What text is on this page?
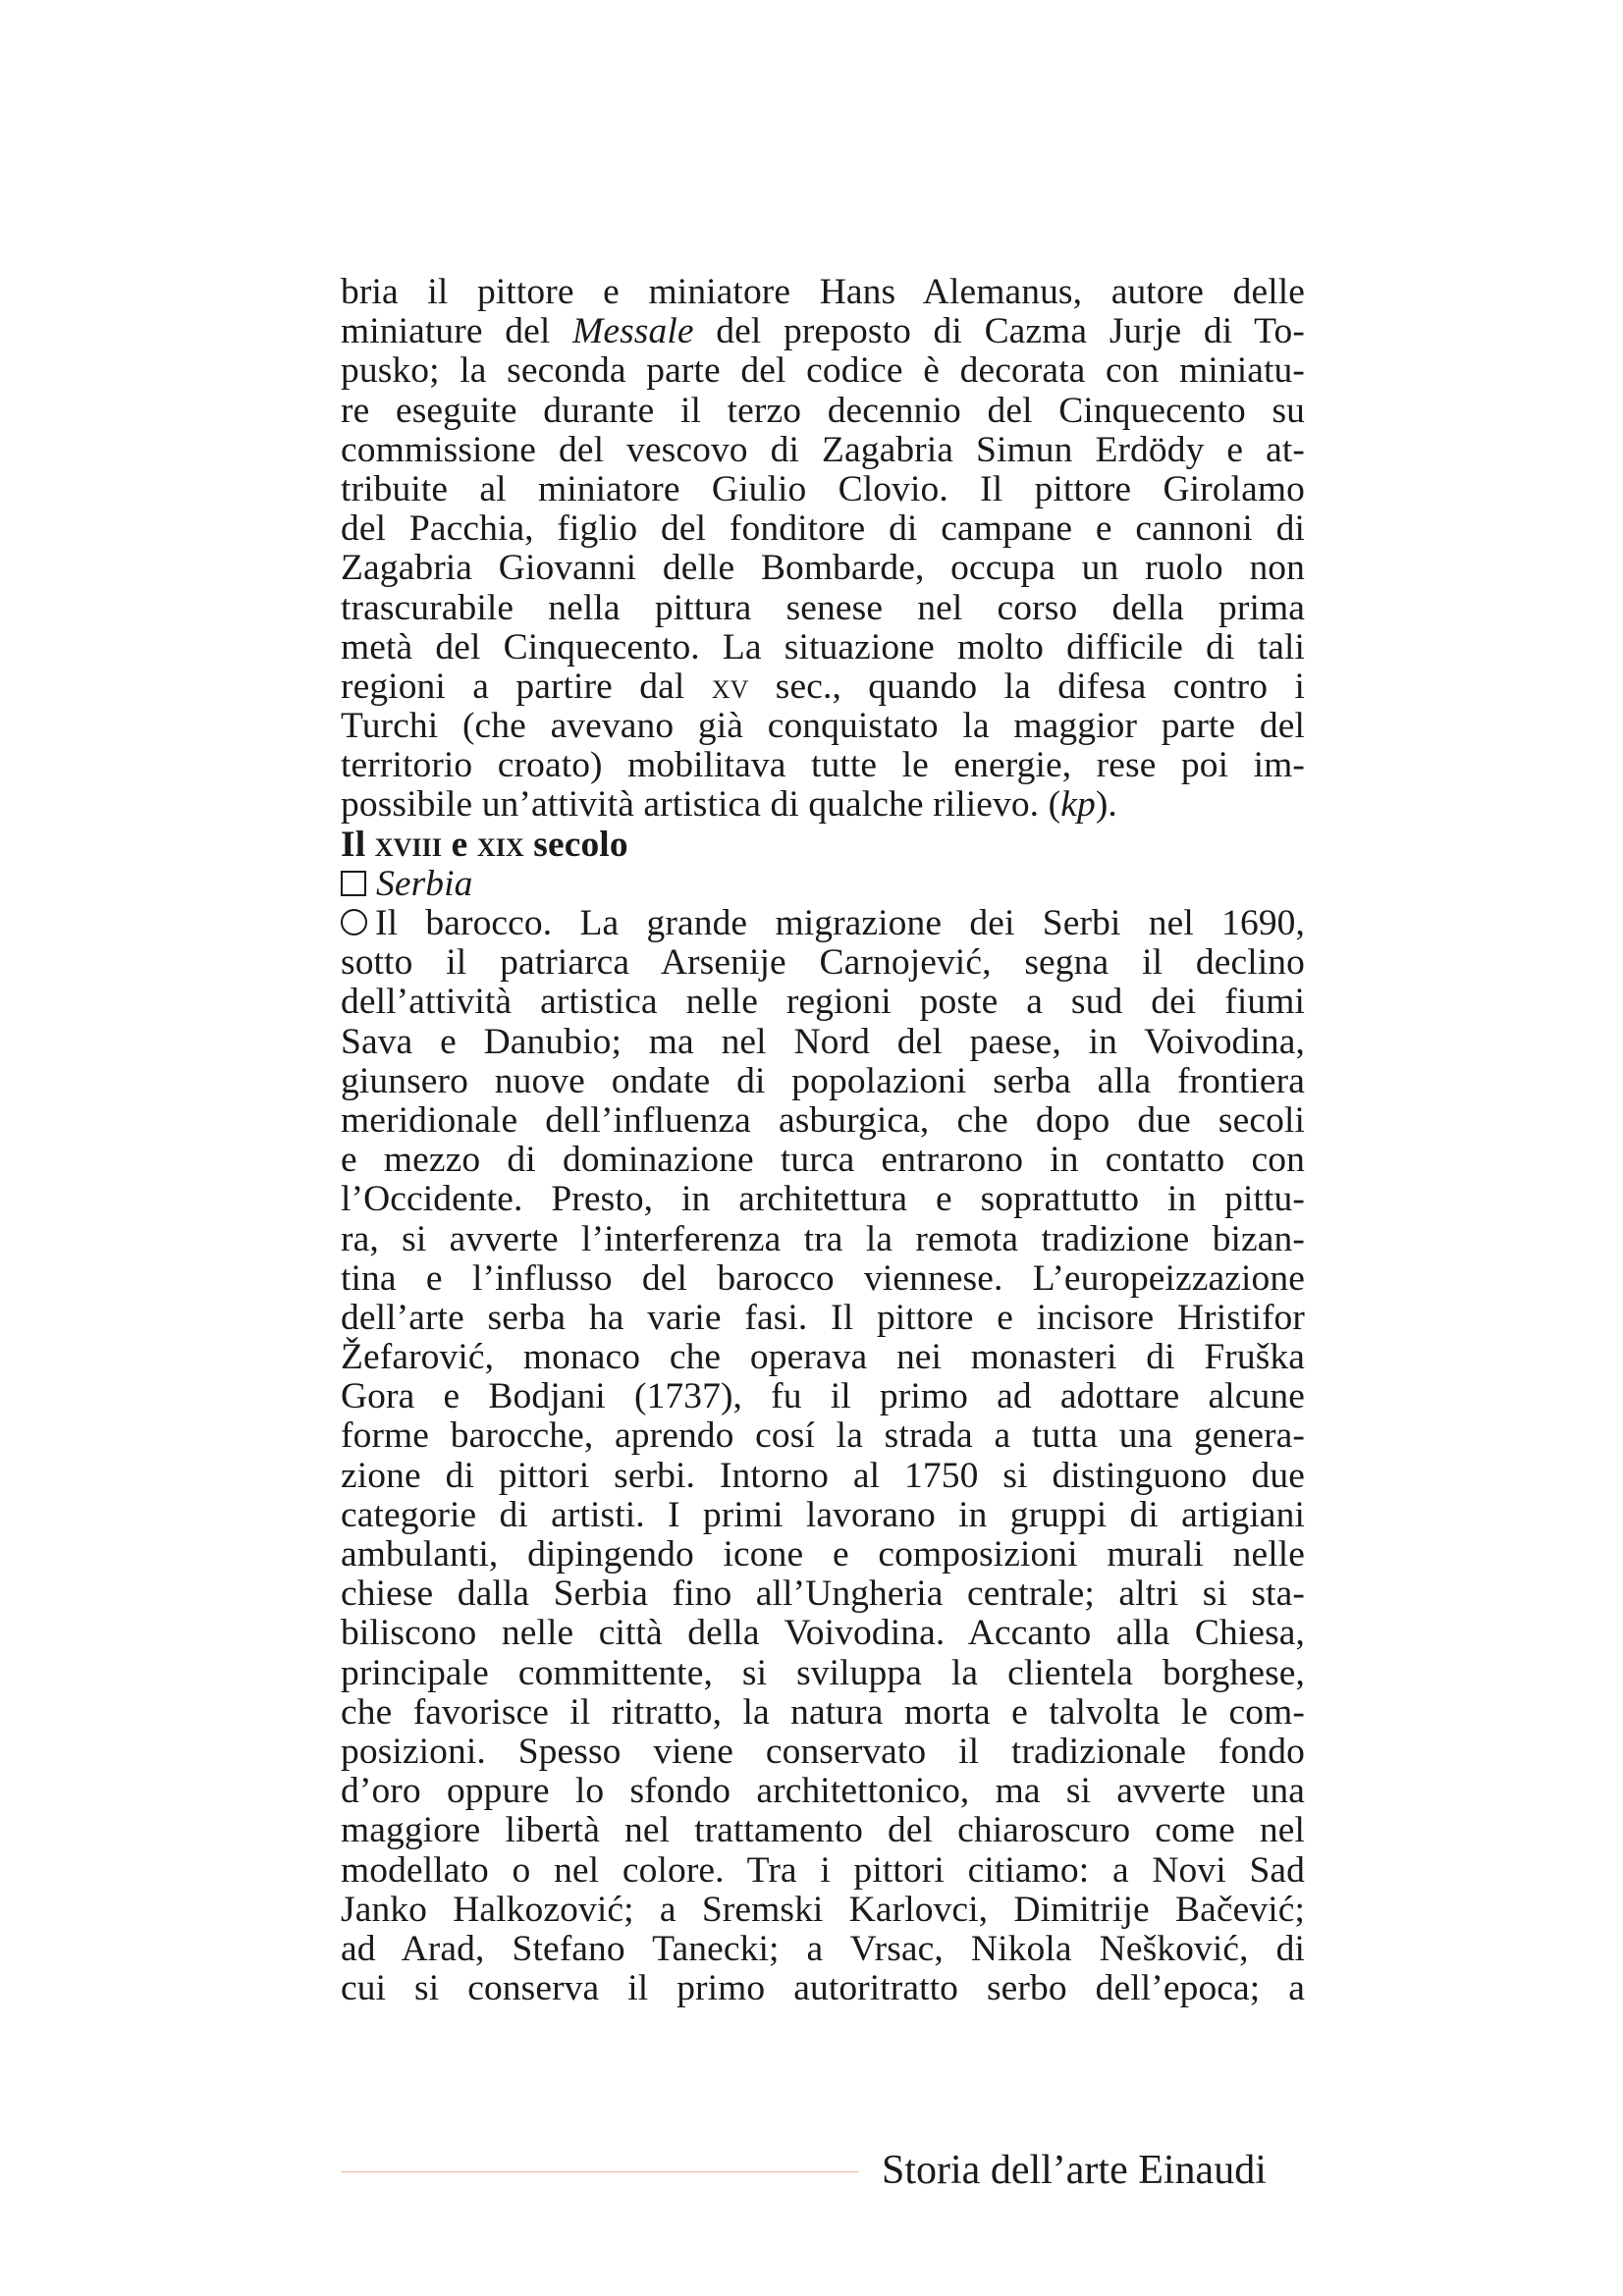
bria il pittore e miniatore Hans Alemanus, autore delle
miniature del Messale del preposto di Cazma Jurje di To-
pusko; la seconda parte del codice è decorata con miniatu-
re eseguite durante il terzo decennio del Cinquecento su
commissione del vescovo di Zagabria Simun Erdödy e at-
tribuite al miniatore Giulio Clovio. Il pittore Girolamo
del Pacchia, figlio del fonditore di campane e cannoni di
Zagabria Giovanni delle Bombarde, occupa un ruolo non
trascurabile nella pittura senese nel corso della prima
metà del Cinquecento. La situazione molto difficile di tali
regioni a partire dal xv sec., quando la difesa contro i
Turchi (che avevano già conquistato la maggior parte del
territorio croato) mobilitava tutte le energie, rese poi im-
possibile un’attività artistica di qualche rilievo. (kp).
Il xviii e xix secolo
Serbia
Il barocco. La grande migrazione dei Serbi nel 1690,
sotto il patriarca Arsenije Carnojević, segna il declino
dell’attività artistica nelle regioni poste a sud dei fiumi
Sava e Danubio; ma nel Nord del paese, in Voivodina,
giunsero nuove ondate di popolazioni serba alla frontiera
meridionale dell’influenza asburgica, che dopo due secoli
e mezzo di dominazione turca entrarono in contatto con
l’Occidente. Presto, in architettura e soprattutto in pittu-
ra, si avverte l’interferenza tra la remota tradizione bizan-
tina e l’influsso del barocco viennese. L’europeizzazione
dell’arte serba ha varie fasi. Il pittore e incisore Hristifor
Žefarović, monaco che operava nei monasteri di Fruška
Gora e Bodjani (1737), fu il primo ad adottare alcune
forme barocche, aprendo cosí la strada a tutta una genera-
zione di pittori serbi. Intorno al 1750 si distinguono due
categorie di artisti. I primi lavorano in gruppi di artigiani
ambulanti, dipingendo icone e composizioni murali nelle
chiese dalla Serbia fino all’Ungheria centrale; altri si sta-
biliscono nelle città della Voivodina. Accanto alla Chiesa,
principale committente, si sviluppa la clientela borghese,
che favorisce il ritratto, la natura morta e talvolta le com-
posizioni. Spesso viene conservato il tradizionale fondo
d’oro oppure lo sfondo architettonico, ma si avverte una
maggiore libertà nel trattamento del chiaroscuro come nel
modellato o nel colore. Tra i pittori citiamo: a Novi Sad
Janko Halkozović; a Sremski Karlovci, Dimitrije Bačević;
ad Arad, Stefano Tanecki; a Vrsac, Nikola Nešković, di
cui si conserva il primo autoritratto serbo dell’epoca; a
Storia dell’arte Einaudi
